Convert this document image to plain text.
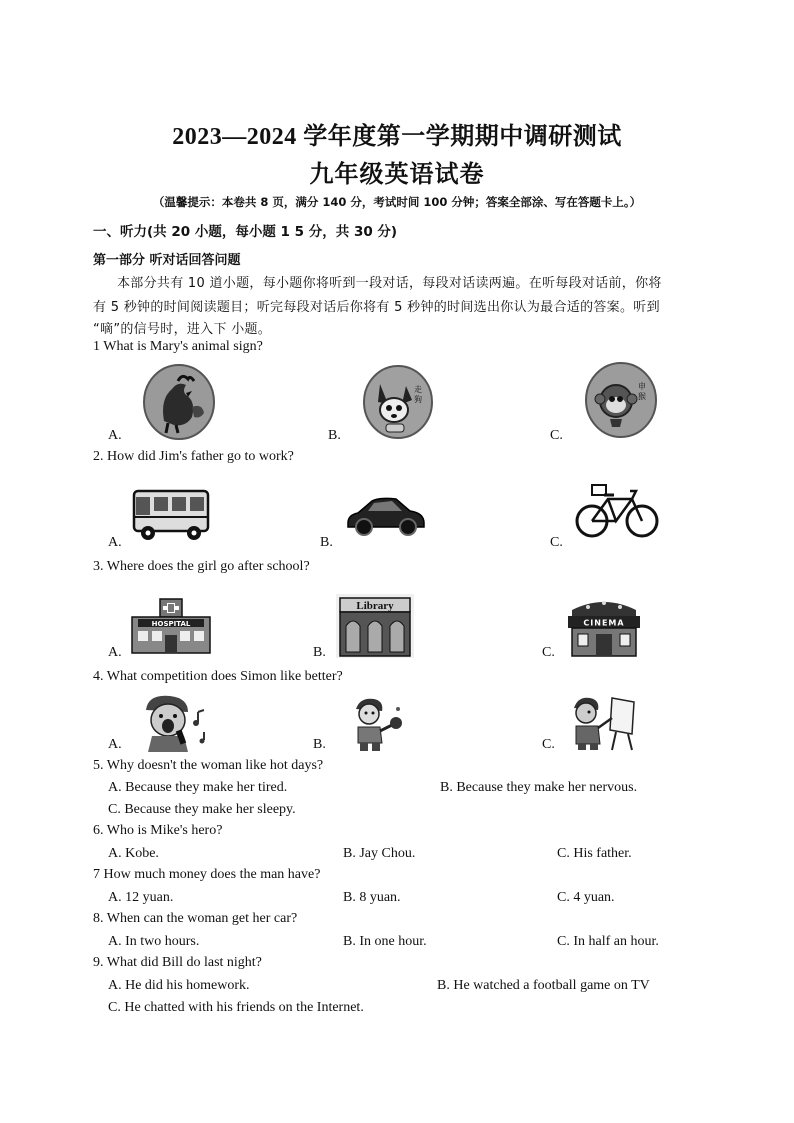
2023—2024 学年度第一学期期中调研测试
九年级英语试卷
（温馨提示：本卷共 8 页，满分 140 分，考试时间 100 分钟；答案全部涂、写在答题卡上。）
一、听力(共 20 小题，每小题 1 5 分，共 30 分)
第一部分 听对话回答问题
本部分共有 10 道小题，每小题你将听到一段对话，每段对话读两遍。在听每段对话前，你将
有 5 秒钟的时间阅读题目；听完每段对话后你将有 5 秒钟的时间选出你认为最合适的答案。听到
“嘀”的信号时，进入下 小题。
1 What is Mary's animal sign?
A.	B.
走
狗
C.
申
猴
2. How did Jim's father go to work?
A.	B.	C.
3. Where does the girl go after school?
A.
HOSPITAL
B.
Library
C.
CINEMA
4. What competition does Simon like better?
A.	B.	C.
5. Why doesn't the woman like hot days?
A. Because they make her tired.	B. Because they make her nervous.
C. Because they make her sleepy.
6. Who is Mike's hero?
A. Kobe.	B. Jay Chou.	C. His father.
7 How much money does the man have?
A. 12 yuan.	B. 8 yuan.	C. 4 yuan.
8. When can the woman get her car?
A. In two hours.	B. In one hour.	C. In half an hour.
9. What did Bill do last night?
A. He did his homework.	B. He watched a football game on TV
C. He chatted with his friends on the Internet.
